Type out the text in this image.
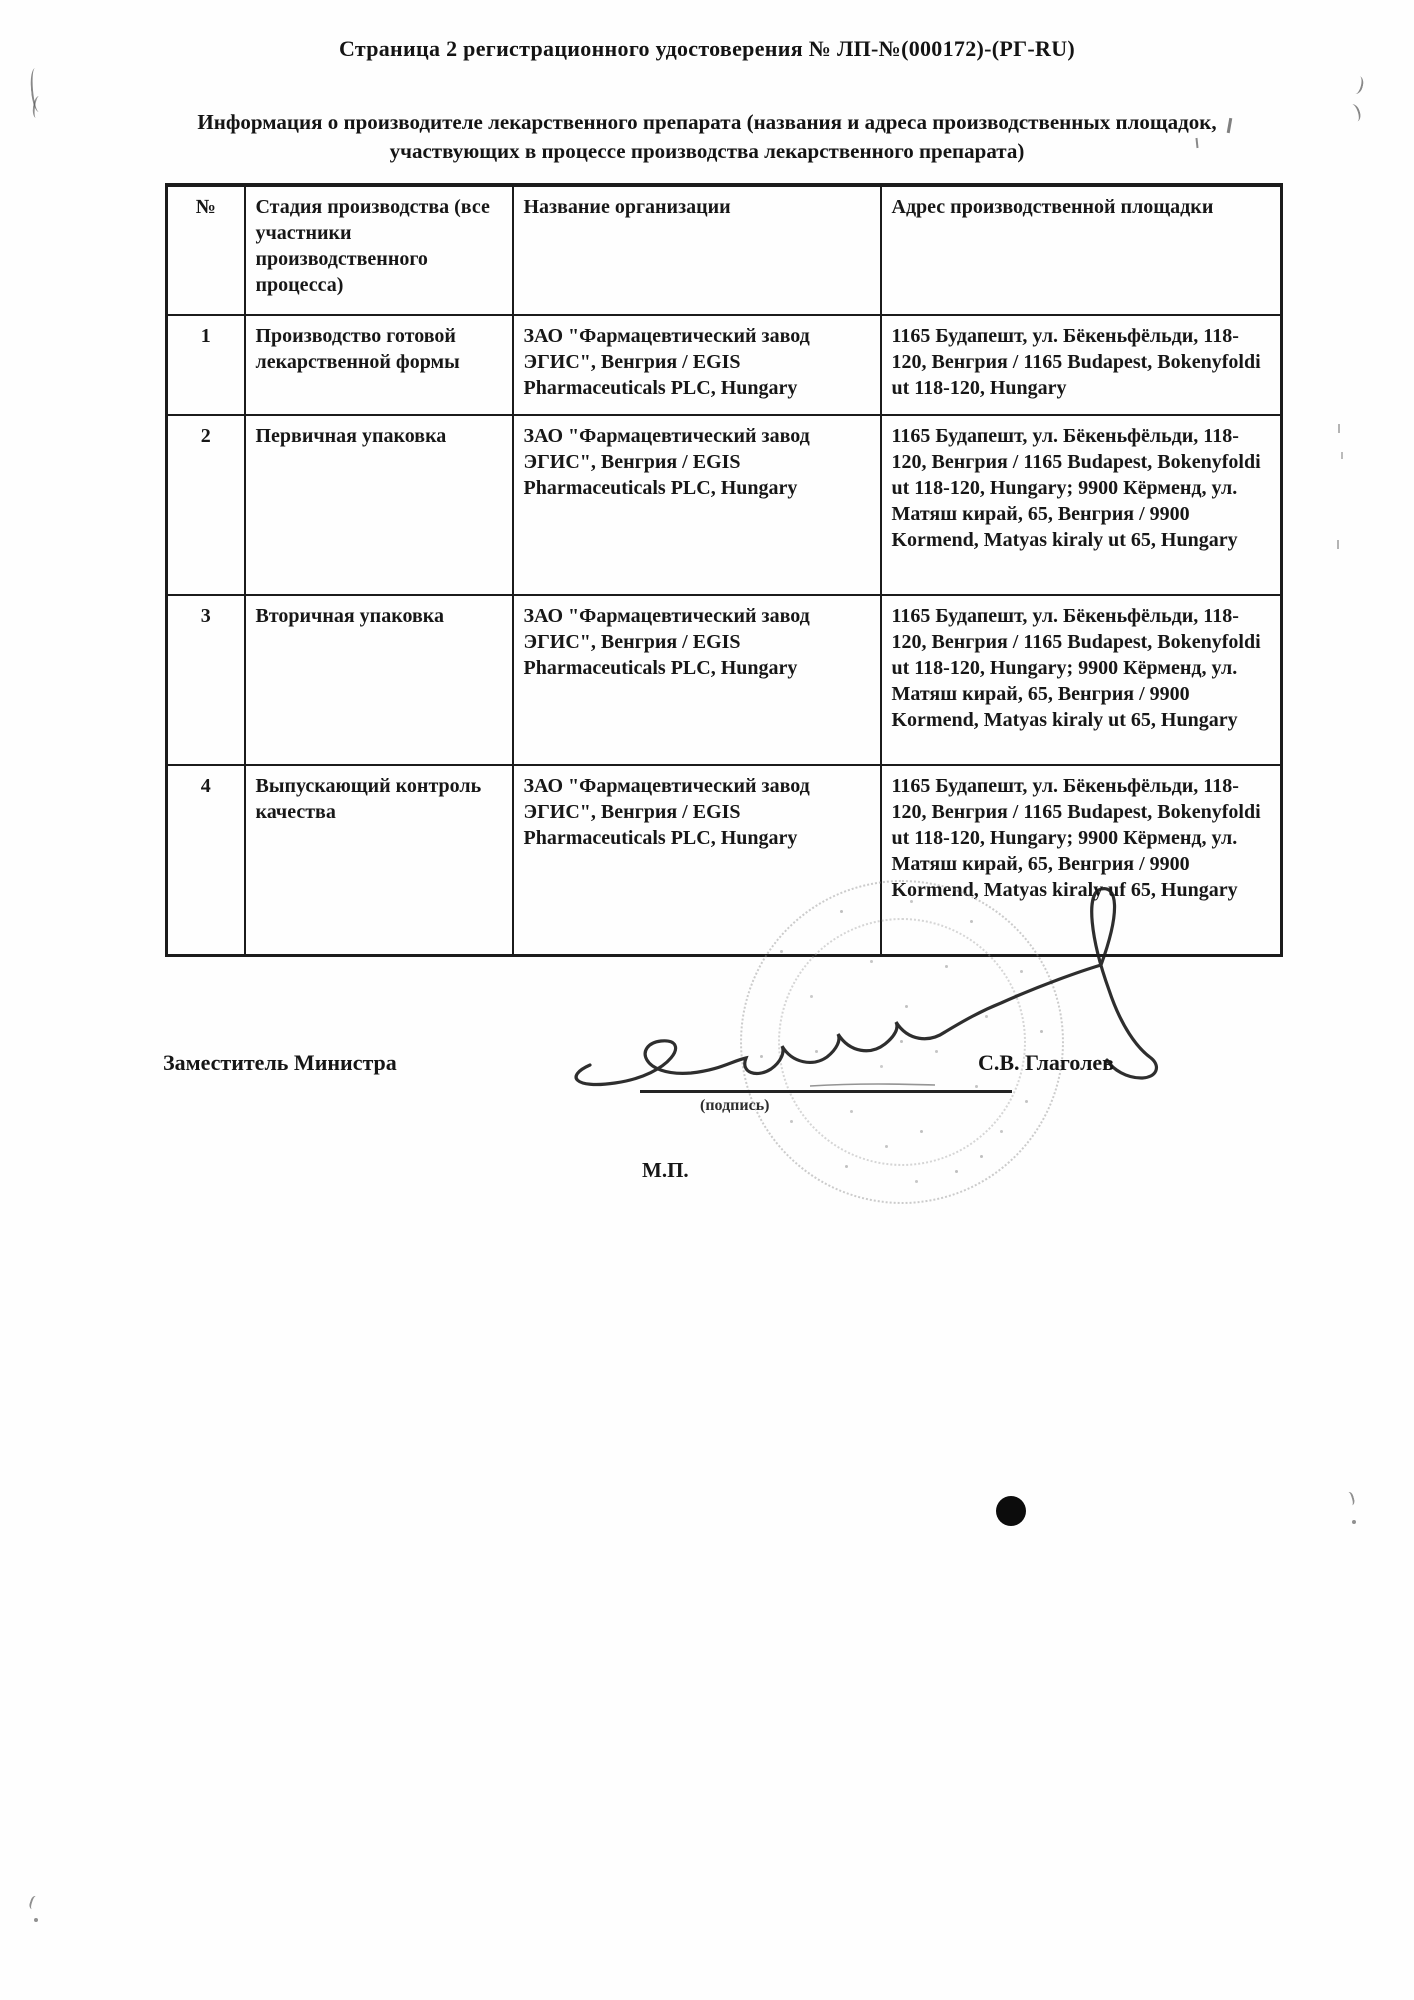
Страница 2 регистрационного удостоверения № ЛП-№(000172)-(РГ-RU)
Информация о производителе лекарственного препарата (названия и адреса производственных площадок,
участвующих в процессе производства лекарственного препарата)
№	Стадия производства (все участники производственного процесса)	Название организации	Адрес производственной площадки
1	Производство готовой лекарственной формы	ЗАО "Фармацевтический завод ЭГИС", Венгрия / EGIS Pharmaceuticals PLC, Hungary	1165 Будапешт, ул. Бёкеньфёльди, 118-120, Венгрия / 1165 Budapest, Bokenyfoldi ut 118-120, Hungary
2	Первичная упаковка	ЗАО "Фармацевтический завод ЭГИС", Венгрия / EGIS Pharmaceuticals PLC, Hungary	1165 Будапешт, ул. Бёкеньфёльди, 118-120, Венгрия / 1165 Budapest, Bokenyfoldi ut 118-120, Hungary; 9900 Кёрменд, ул. Матяш кирай, 65, Венгрия / 9900 Kormend, Matyas kiraly ut 65, Hungary
3	Вторичная упаковка	ЗАО "Фармацевтический завод ЭГИС", Венгрия / EGIS Pharmaceuticals PLC, Hungary	1165 Будапешт, ул. Бёкеньфёльди, 118-120, Венгрия / 1165 Budapest, Bokenyfoldi ut 118-120, Hungary; 9900 Кёрменд, ул. Матяш кирай, 65, Венгрия / 9900 Kormend, Matyas kiraly ut 65, Hungary
4	Выпускающий контроль качества	ЗАО "Фармацевтический завод ЭГИС", Венгрия / EGIS Pharmaceuticals PLC, Hungary	1165 Будапешт, ул. Бёкеньфёльди, 118-120, Венгрия / 1165 Budapest, Bokenyfoldi ut 118-120, Hungary; 9900 Кёрменд, ул. Матяш кирай, 65, Венгрия / 9900 Kormend, Matyas kiraly uf 65, Hungary
Заместитель Министра
(подпись)
С.В. Глаголев
М.П.
